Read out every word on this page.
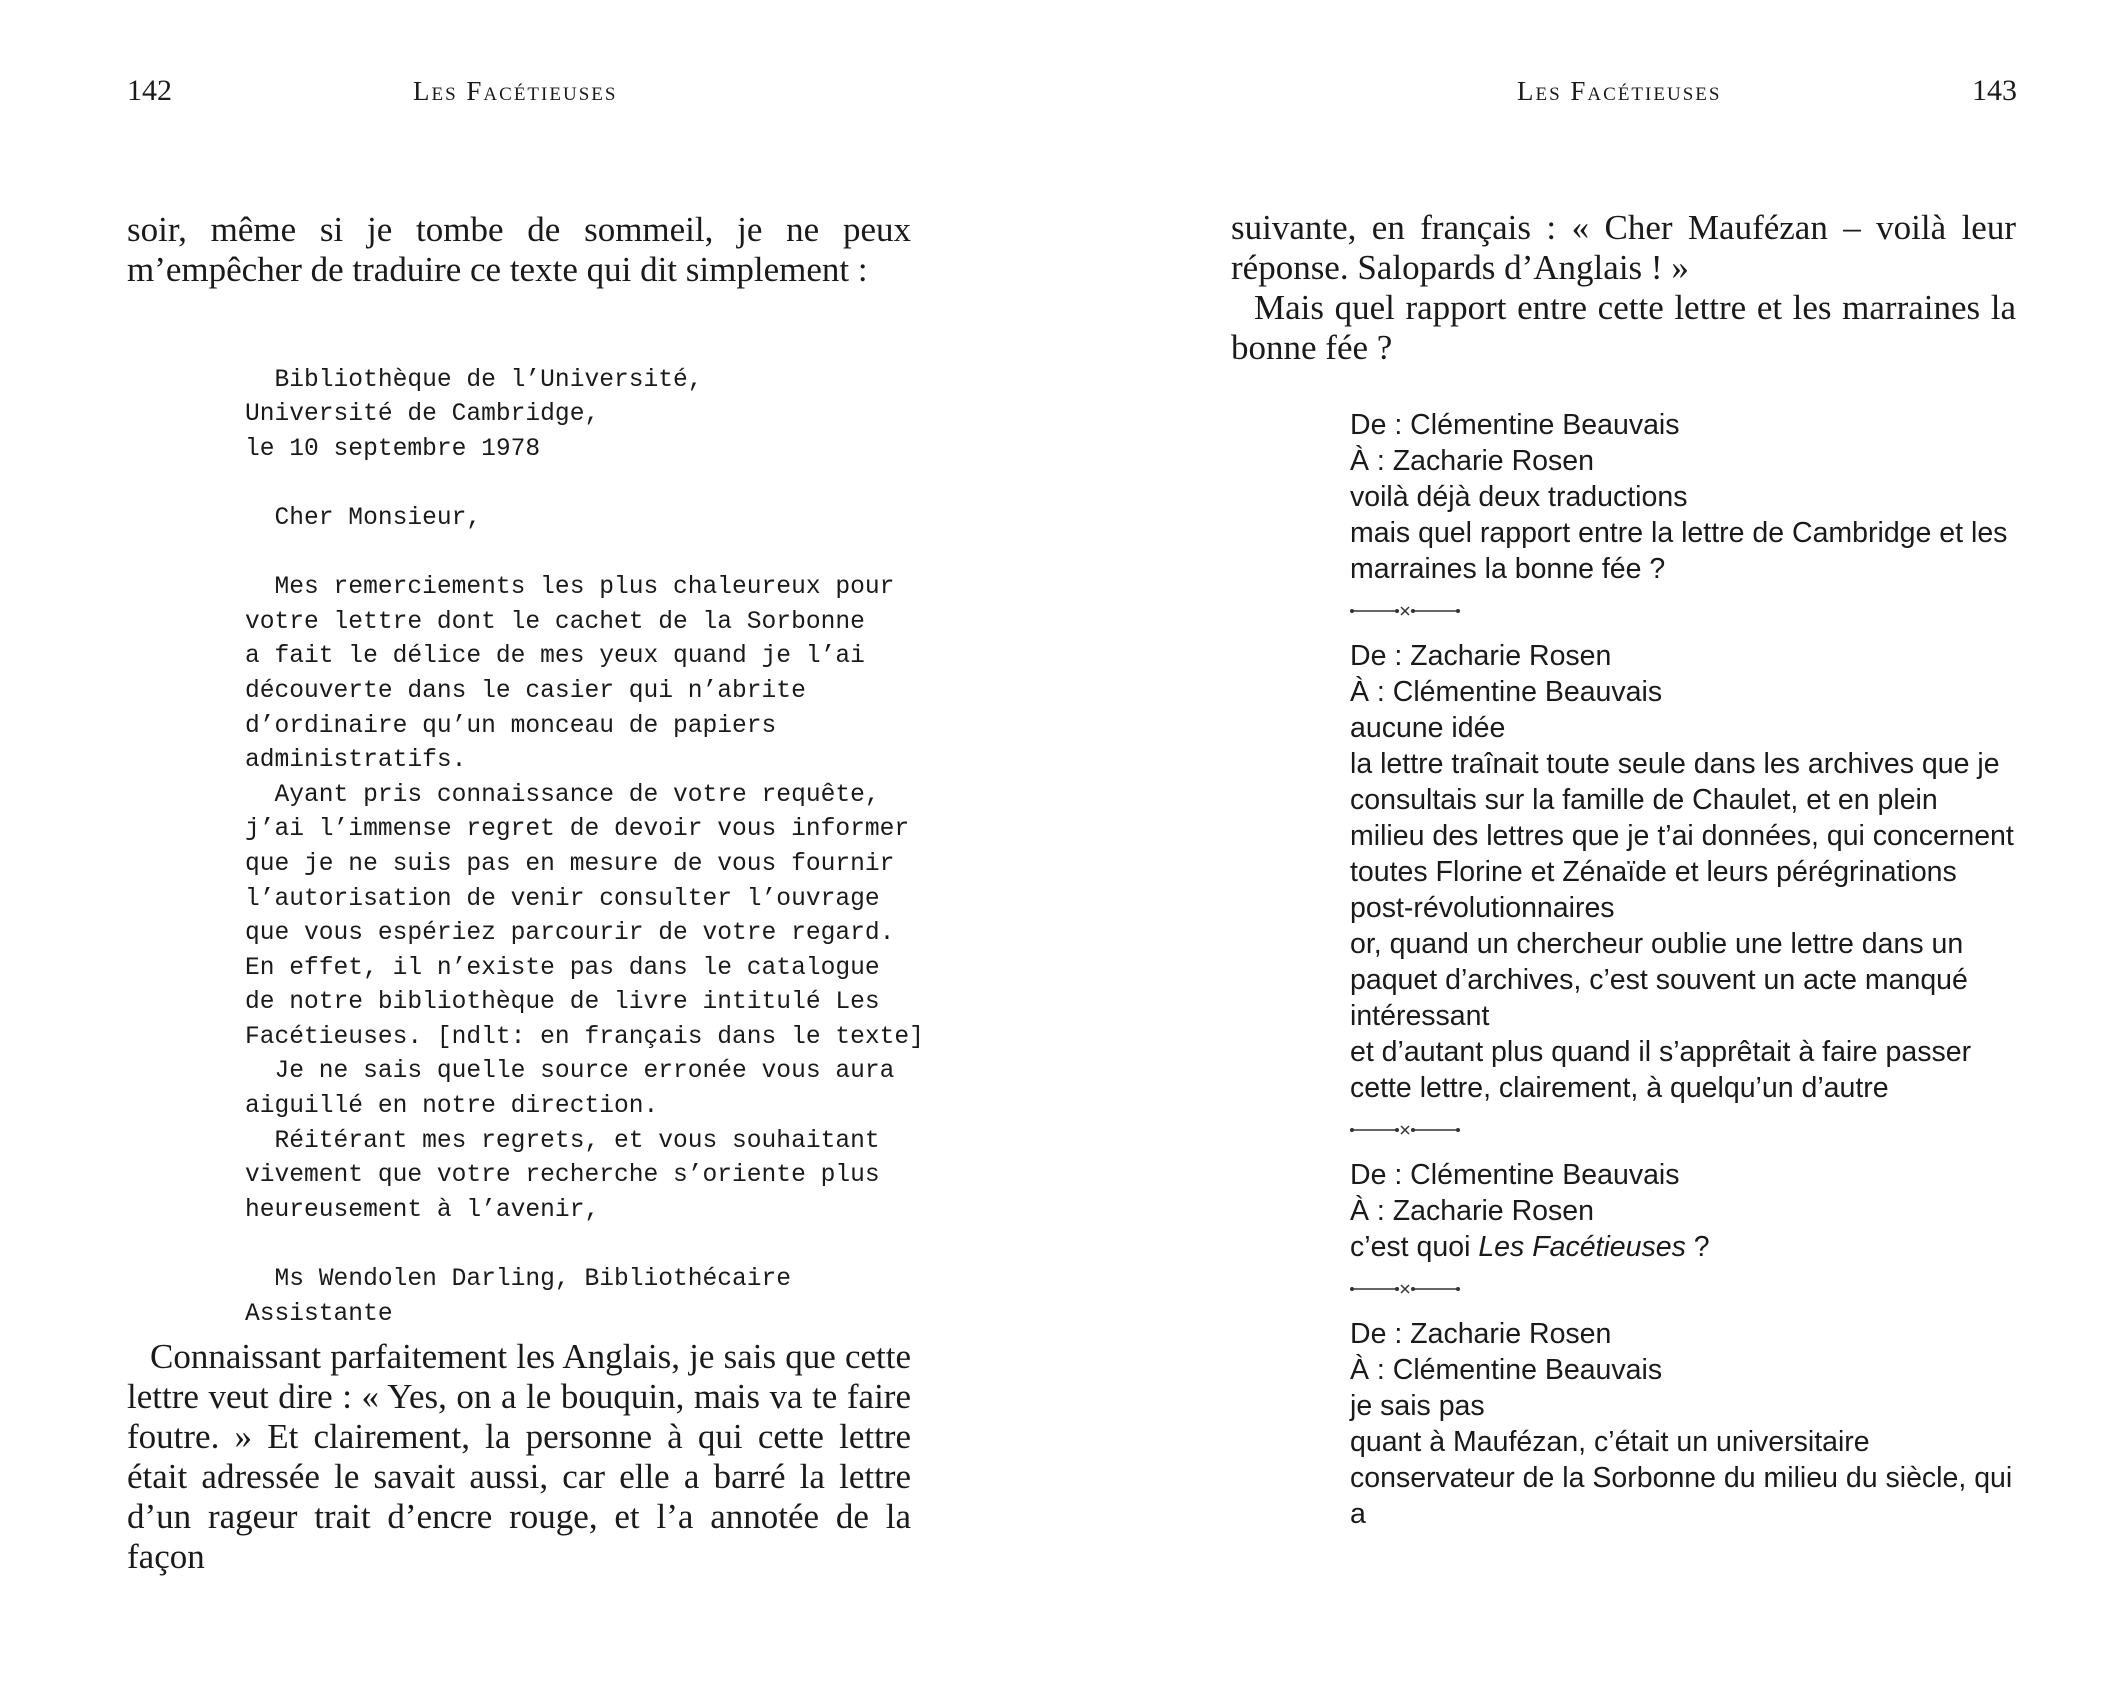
142	Les Facétieuses

soir, même si je tombe de sommeil, je ne peux m’empêcher de traduire ce texte qui dit simplement :

Bibliothèque de l’Université,
Université de Cambridge,
le 10 septembre 1978
Cher Monsieur,
Mes remerciements les plus chaleureux pour
votre lettre dont le cachet de la Sorbonne
a fait le délice de mes yeux quand je l’ai
découverte dans le casier qui n’abrite
d’ordinaire qu’un monceau de papiers
administratifs.
Ayant pris connaissance de votre requête,
j’ai l’immense regret de devoir vous informer
que je ne suis pas en mesure de vous fournir
l’autorisation de venir consulter l’ouvrage
que vous espériez parcourir de votre regard.
En effet, il n’existe pas dans le catalogue
de notre bibliothèque de livre intitulé Les
Facétieuses. [ndlt: en français dans le texte]
Je ne sais quelle source erronée vous aura
aiguillé en notre direction.
Réitérant mes regrets, et vous souhaitant
vivement que votre recherche s’oriente plus
heureusement à l’avenir,
Ms Wendolen Darling, Bibliothécaire
Assistante

Connaissant parfaitement les Anglais, je sais que cette lettre veut dire : « Yes, on a le bouquin, mais va te faire foutre. » Et clairement, la personne à qui cette lettre était adressée le savait aussi, car elle a barré la lettre d’un rageur trait d’encre rouge, et l’a annotée de la façon

Les Facétieuses	143

suivante, en français : « Cher Maufézan – voilà leur réponse. Salopards d’Anglais ! »

Mais quel rapport entre cette lettre et les marraines la bonne fée ?

De : Clémentine Beauvais

À : Zacharie Rosen

voilà déjà deux traductions

mais quel rapport entre la lettre de Cambridge et les marraines la bonne fée ?

De : Zacharie Rosen

À : Clémentine Beauvais

aucune idée

la lettre traînait toute seule dans les archives que je consultais sur la famille de Chaulet, et en plein milieu des lettres que je t’ai données, qui concernent toutes Florine et Zénaïde et leurs pérégrinations post-révolutionnaires

or, quand un chercheur oublie une lettre dans un paquet d’archives, c’est souvent un acte manqué intéressant

et d’autant plus quand il s’apprêtait à faire passer cette lettre, clairement, à quelqu’un d’autre

De : Clémentine Beauvais

À : Zacharie Rosen

c’est quoi Les Facétieuses ?

De : Zacharie Rosen

À : Clémentine Beauvais

je sais pas

quant à Maufézan, c’était un universitaire conservateur de la Sorbonne du milieu du siècle, qui a
